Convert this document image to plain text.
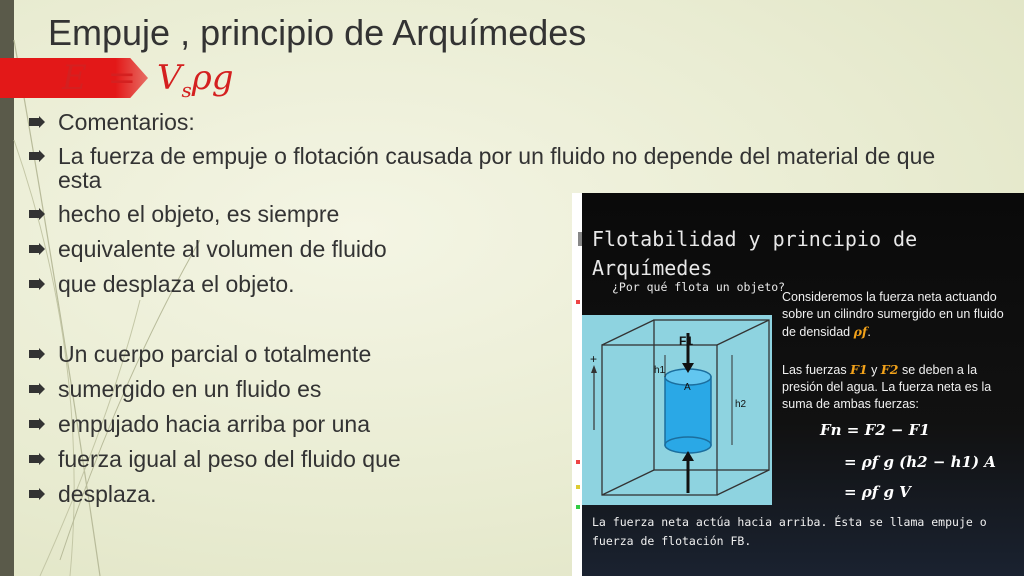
Empuje , principio de Arquímedes
$E = V_s\rho g$
Comentarios:
La fuerza de empuje o flotación causada por un fluido no depende del material de que esta
hecho el objeto, es siempre
equivalente al volumen de fluido
que desplaza el objeto.
Un cuerpo parcial o totalmente
sumergido en un fluido es
empujado hacia arriba por una
fuerza igual al peso del fluido que
desplaza.
Flotabilidad y principio de
Arquímedes
¿Por qué flota un objeto?
F1
h1
A
h2
+
Consideremos la fuerza neta actuando sobre un cilindro sumergido en un fluido de densidad ρf.
Las fuerzas F1 y F2 se deben a la presión del agua. La fuerza neta es la suma de ambas fuerzas:
Fn = F2 − F1
= ρf g (h2 − h1) A
= ρf g V
La fuerza neta actúa hacia arriba. Ésta se llama empuje o fuerza de flotación FB.
